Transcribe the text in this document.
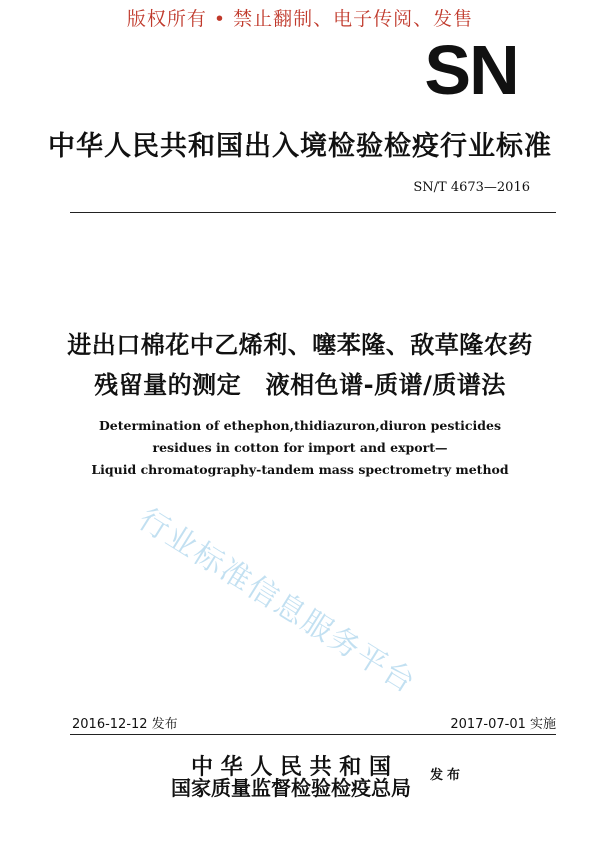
版权所有 • 禁止翻制、电子传阅、发售
SN
中华人民共和国出入境检验检疫行业标准
SN/T 4673—2016
进出口棉花中乙烯利、噻苯隆、敌草隆农药
残留量的测定　液相色谱-质谱/质谱法
Determination of ethephon,thidiazuron,diuron pesticides
residues in cotton for import and export—
Liquid chromatography-tandem mass spectrometry method
行业标准信息服务平台
2016-12-12 发布	2017-07-01 实施
中 华 人 民 共 和 国
国家质量监督检验检疫总局
发布
